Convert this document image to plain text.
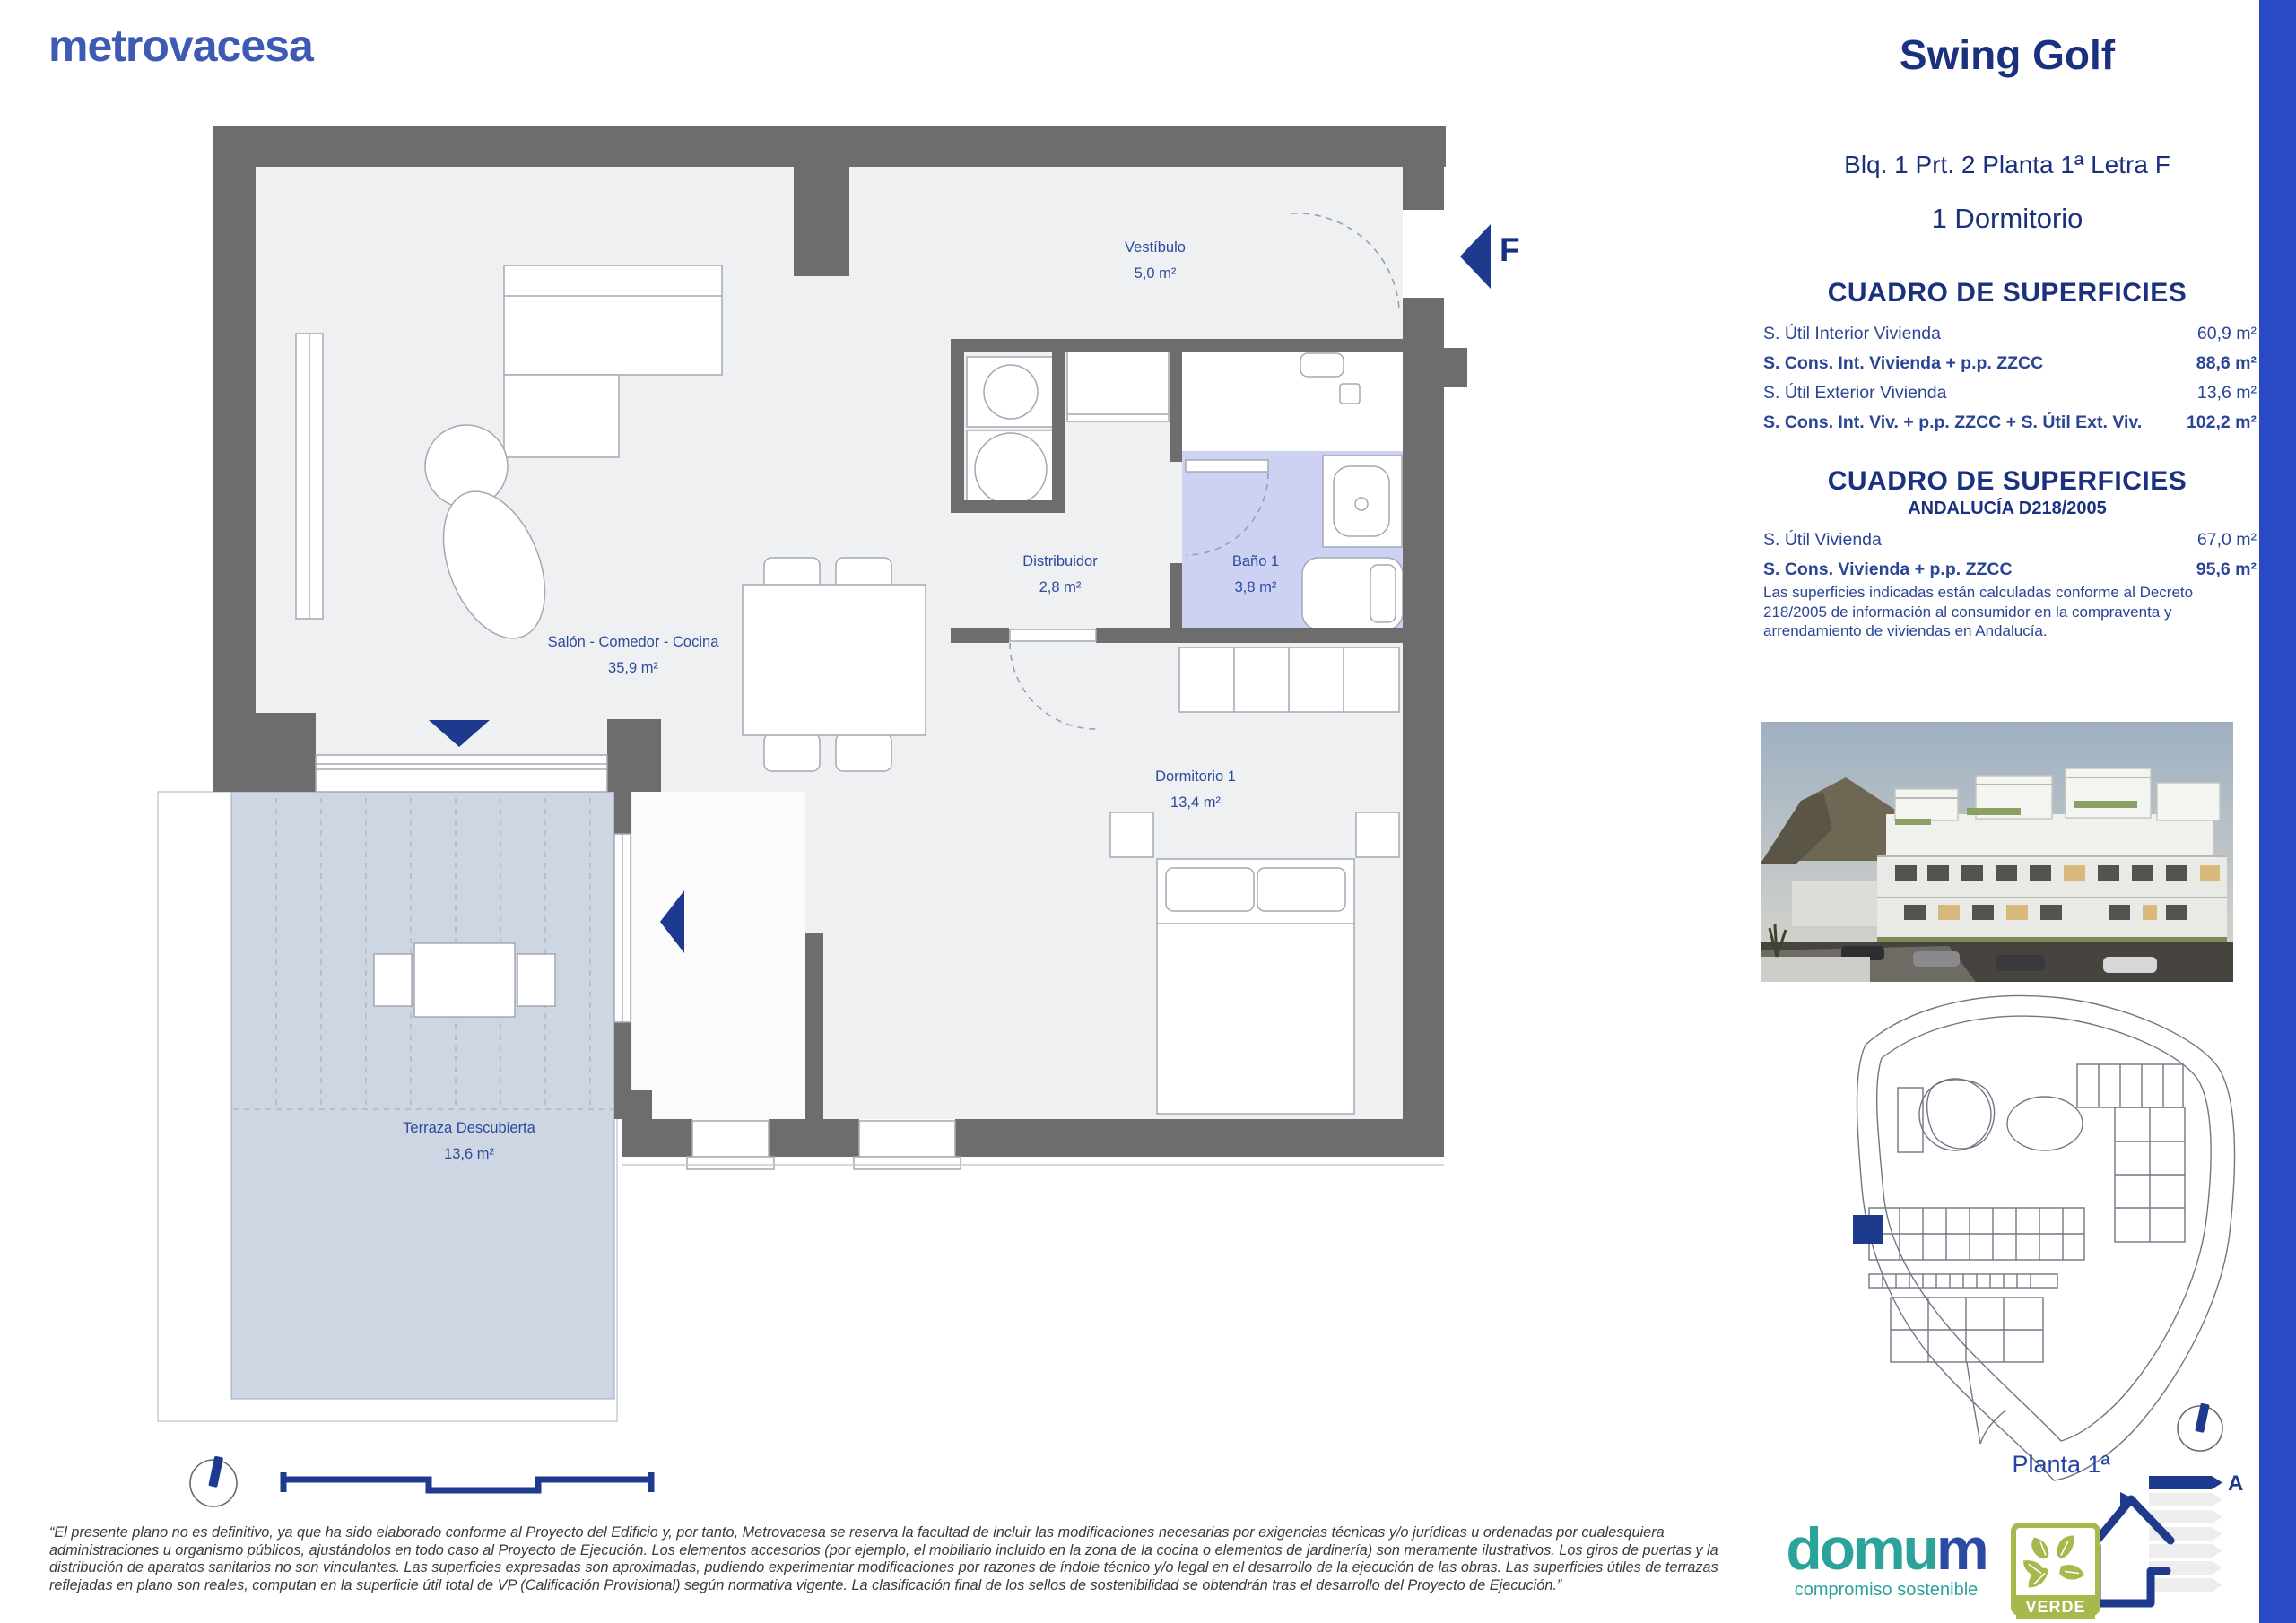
Vestíbulo
5,0 m²
Salón - Comedor - Cocina
35,9 m²
Distribuidor
2,8 m²
Baño 1
3,8 m²
Dormitorio 1
13,4 m²
Terraza Descubierta
13,6 m²
F
metrovacesa	Swing Golf
Blq. 1 Prt. 2 Planta 1ª Letra F
1 Dormitorio
CUADRO DE SUPERFICIES
S. Útil Interior Vivienda	60,9 m²
S. Cons. Int. Vivienda + p.p. ZZCC	88,6 m²
S. Útil Exterior Vivienda	13,6 m²
S. Cons. Int. Viv. + p.p. ZZCC + S. Útil Ext. Viv.	102,2 m²
CUADRO DE SUPERFICIES
ANDALUCÍA D218/2005
S. Útil Vivienda	67,0 m²
S. Cons. Vivienda + p.p. ZZCC	95,6 m²
Las superficies indicadas están calculadas conforme al Decreto 218/2005 de información al consumidor en la compraventa y arrendamiento de viviendas en Andalucía.
Planta 1ª
A
domum
compromiso sostenible
VERDE
“El presente plano no es definitivo, ya que ha sido elaborado conforme al Proyecto del Edificio y, por tanto, Metrovacesa se reserva la facultad de incluir las modificaciones necesarias por exigencias técnicas y/o jurídicas u ordenadas por cualesquiera administraciones u organismo públicos, ajustándolos en todo caso al Proyecto de Ejecución. Los elementos accesorios (por ejemplo, el mobiliario incluido en la zona de la cocina o elementos de jardinería) son meramente ilustrativos. Los giros de puertas y la distribución de aparatos sanitarios no son vinculantes. Las superficies expresadas son aproximadas, pudiendo experimentar modificaciones por razones de índole técnico y/o legal en el desarrollo de la ejecución de las obras. Las superficies útiles de terrazas reflejadas en plano son reales, computan en la superficie útil total de VP (Calificación Provisional) según normativa vigente. La clasificación final de los sellos de sostenibilidad se obtendrán tras el desarrollo del Proyecto de Ejecución.”
